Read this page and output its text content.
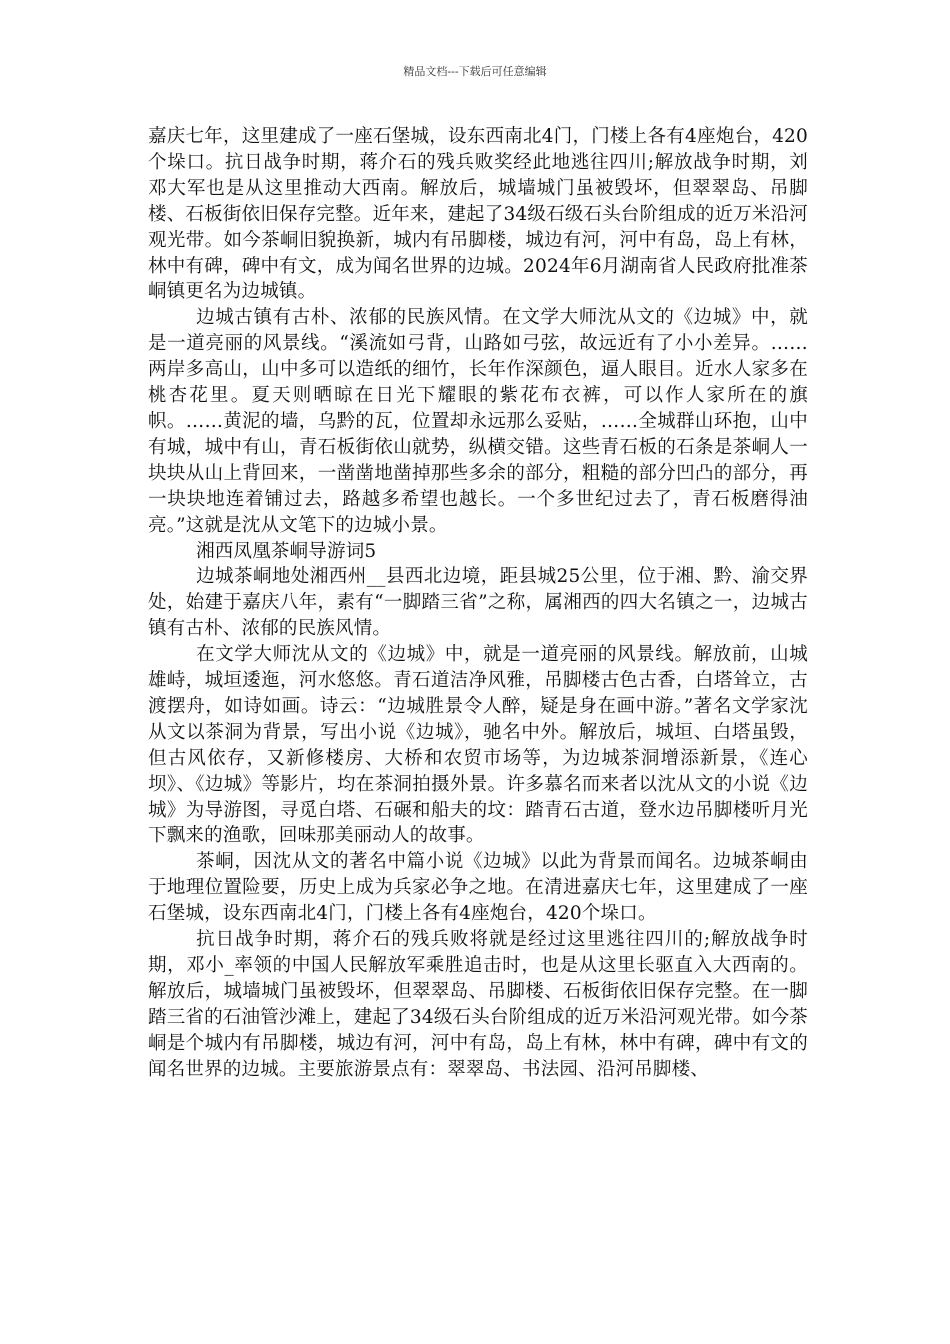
精品文档---下载后可任意编辑

嘉庆七年，这里建成了一座石堡城，设东西南北4门，门楼上各有4座炮台，420个垛口。抗日战争时期，蒋介石的残兵败奖经此地逃往四川;解放战争时期，刘邓大军也是从这里推动大西南。解放后，城墙城门虽被毁坏，但翠翠岛、吊脚楼、石板街依旧保存完整。近年来，建起了34级石级石头台阶组成的近万米沿河观光带。如今茶峒旧貌换新，城内有吊脚楼，城边有河，河中有岛，岛上有林，林中有碑，碑中有文，成为闻名世界的边城。2024年6月湖南省人民政府批准茶峒镇更名为边城镇。

边城古镇有古朴、浓郁的民族风情。在文学大师沈从文的《边城》中，就是一道亮丽的风景线。“溪流如弓背，山路如弓弦，故远近有了小小差异。……两岸多高山，山中多可以造纸的细竹，长年作深颜色，逼人眼目。近水人家多在桃杏花里。夏天则晒晾在日光下耀眼的紫花布衣裤，可以作人家所在的旗帜。……黄泥的墙，乌黔的瓦，位置却永远那么妥贴，……全城群山环抱，山中有城，城中有山，青石板街依山就势，纵横交错。这些青石板的石条是茶峒人一块块从山上背回来，一凿凿地凿掉那些多余的部分，粗糙的部分凹凸的部分，再一块块地连着铺过去，路越多希望也越长。一个多世纪过去了，青石板磨得油亮。”这就是沈从文笔下的边城小景。

湘西凤凰茶峒导游词5

边城茶峒地处湘西州__县西北边境，距县城25公里，位于湘、黔、渝交界处，始建于嘉庆八年，素有“一脚踏三省”之称，属湘西的四大名镇之一，边城古镇有古朴、浓郁的民族风情。

在文学大师沈从文的《边城》中，就是一道亮丽的风景线。解放前，山城雄峙，城垣逶迤，河水悠悠。青石道洁净风雅，吊脚楼古色古香，白塔耸立，古渡摆舟，如诗如画。诗云：“边城胜景令人醉，疑是身在画中游。”著名文学家沈从文以茶洞为背景，写出小说《边城》，驰名中外。解放后，城垣、白塔虽毁，但古风依存，又新修楼房、大桥和农贸市场等，为边城茶洞增添新景，《连心坝》、《边城》等影片，均在茶洞拍摄外景。许多慕名而来者以沈从文的小说《边城》为导游图，寻觅白塔、石碾和船夫的坟：踏青石古道，登水边吊脚楼听月光下飘来的渔歌，回味那美丽动人的故事。

茶峒，因沈从文的著名中篇小说《边城》以此为背景而闻名。边城茶峒由于地理位置险要，历史上成为兵家必争之地。在清进嘉庆七年，这里建成了一座石堡城，设东西南北4门，门楼上各有4座炮台，420个垛口。

抗日战争时期，蒋介石的残兵败将就是经过这里逃往四川的;解放战争时期，邓小_率领的中国人民解放军乘胜追击时，也是从这里长驱直入大西南的。解放后，城墙城门虽被毁坏，但翠翠岛、吊脚楼、石板街依旧保存完整。在一脚踏三省的石油管沙滩上，建起了34级石头台阶组成的近万米沿河观光带。如今茶峒是个城内有吊脚楼，城边有河，河中有岛，岛上有林，林中有碑，碑中有文的闻名世界的边城。主要旅游景点有：翠翠岛、书法园、沿河吊脚楼、
